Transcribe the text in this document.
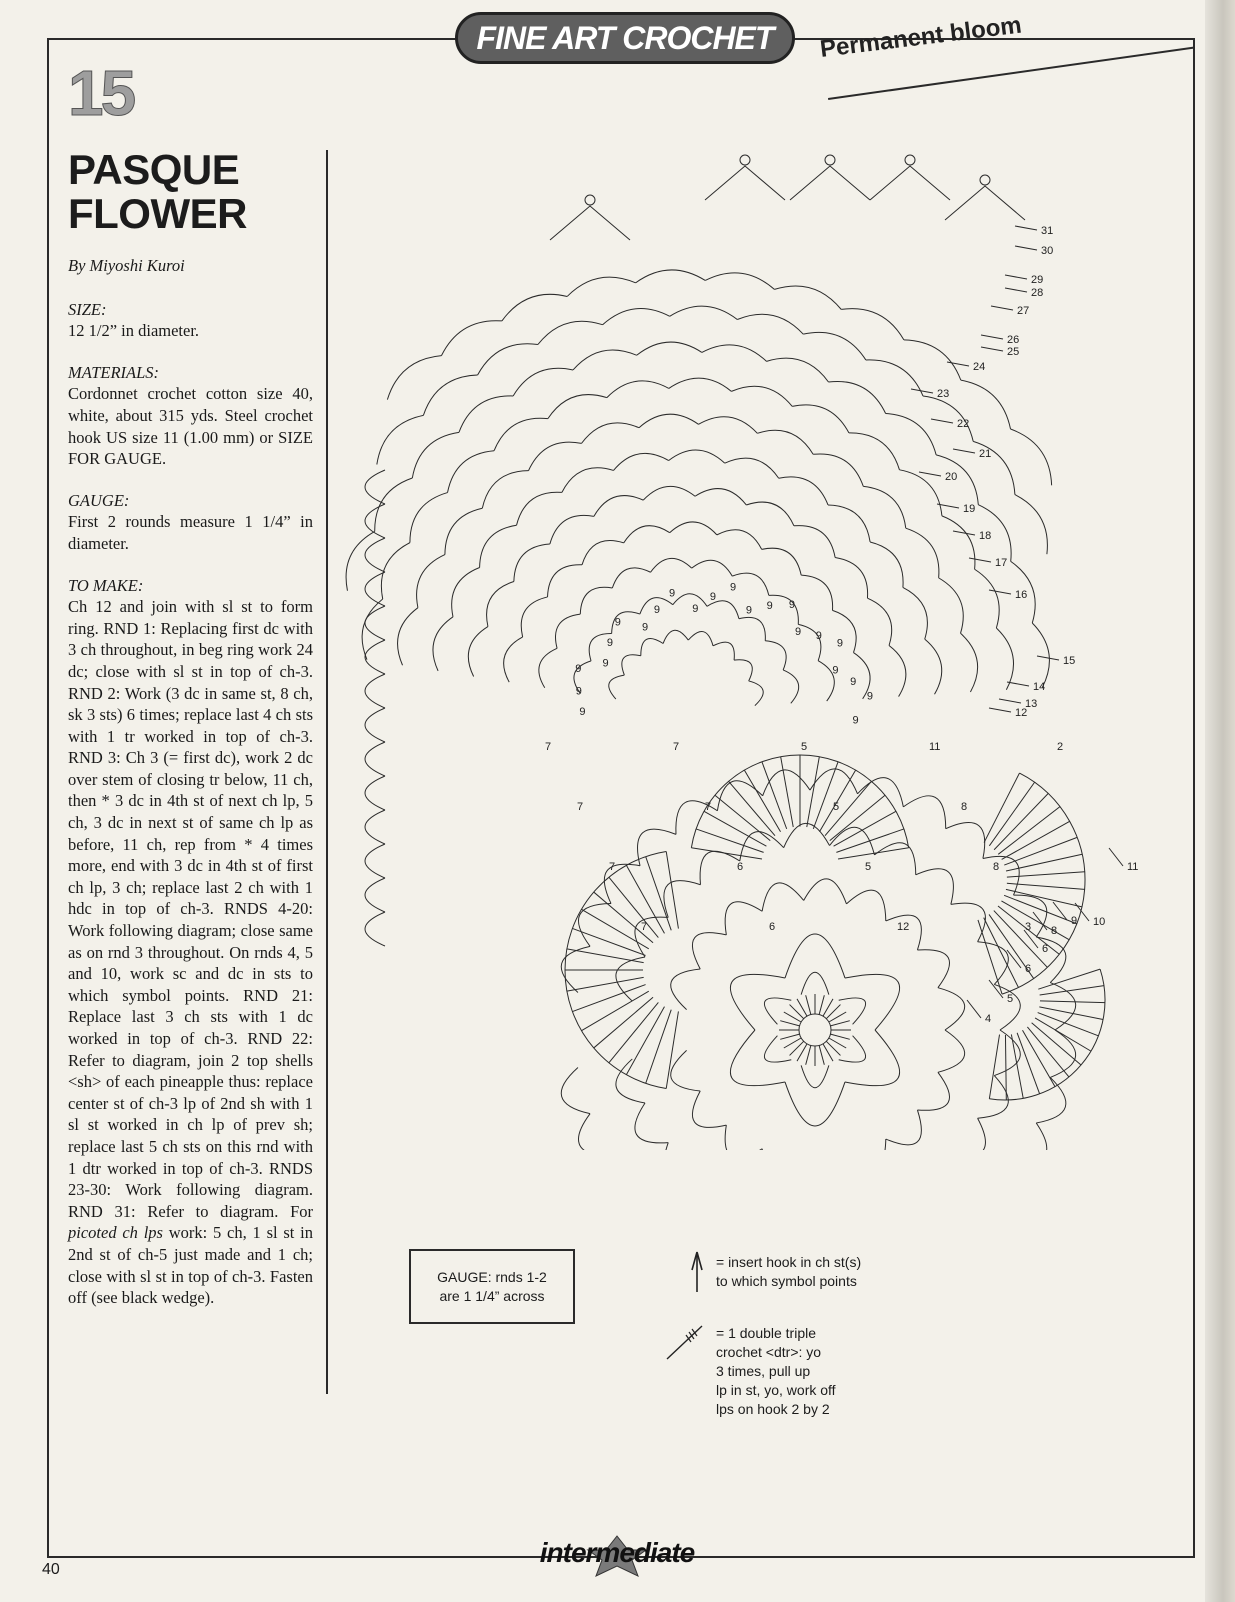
FINE ART CROCHET	Permanent bloom
15
PASQUE
FLOWER

By Miyoshi Kuroi

SIZE:

12 1/2” in diameter.

MATERIALS:

Cordonnet crochet cotton size 40, white, about 315 yds. Steel crochet hook US size 11 (1.00 mm) or SIZE FOR GAUGE.

GAUGE:

First 2 rounds measure 1 1/4” in diameter.

TO MAKE:

Ch 12 and join with sl st to form ring. RND 1: Replacing first dc with 3 ch throughout, in beg ring work 24 dc; close with sl st in top of ch-3. RND 2: Work (3 dc in same st, 8 ch, sk 3 sts) 6 times; replace last 4 ch sts with 1 tr worked in top of ch-3. RND 3: Ch 3 (= first dc), work 2 dc over stem of closing tr below, 11 ch, then * 3 dc in 4th st of next ch lp, 5 ch, 3 dc in next st of same ch lp as before, 11 ch, rep from * 4 times more, end with 3 dc in 4th st of first ch lp, 3 ch; replace last 2 ch with 1 hdc in top of ch-3. RNDS 4-20: Work following diagram; close same as on rnd 3 throughout. On rnds 4, 5 and 10, work sc and dc in sts to which symbol points. RND 21: Replace last 3 ch sts with 1 dc worked in top of ch-3. RND 22: Refer to diagram, join 2 top shells <sh> of each pineapple thus: replace center st of ch-3 lp of 2nd sh with 1 sl st worked in ch lp of prev sh; replace last 5 ch sts on this rnd with 1 dtr worked in top of ch-3. RNDS 23-30: Work following diagram. RND 31: Refer to diagram. For picoted ch lps work: 5 ch, 1 sl st in 2nd st of ch-5 just made and 1 ch; close with sl st in top of ch-3. Fasten off (see black wedge).

31
30
29
28
27
26
25
24
23
22
21
20
19
18
17
16
15
14
13
12
11
10
9
8
6
6
5
4
9
9
9 9
9
9 9
9
9
9
9
9
9 9 9
9 9
9
9
9
9
9
7
7
7
7
7
7
6
6
5
5
5
12
11
8
8
3
2
GAUGE: rnds 1-2
are 1 1/4” across
= insert hook in ch st(s)
to which symbol points
= 1 double triple
crochet <dtr>: yo
3 times, pull up
lp in st, yo, work off
lps on hook 2 by 2
40
intermediate
